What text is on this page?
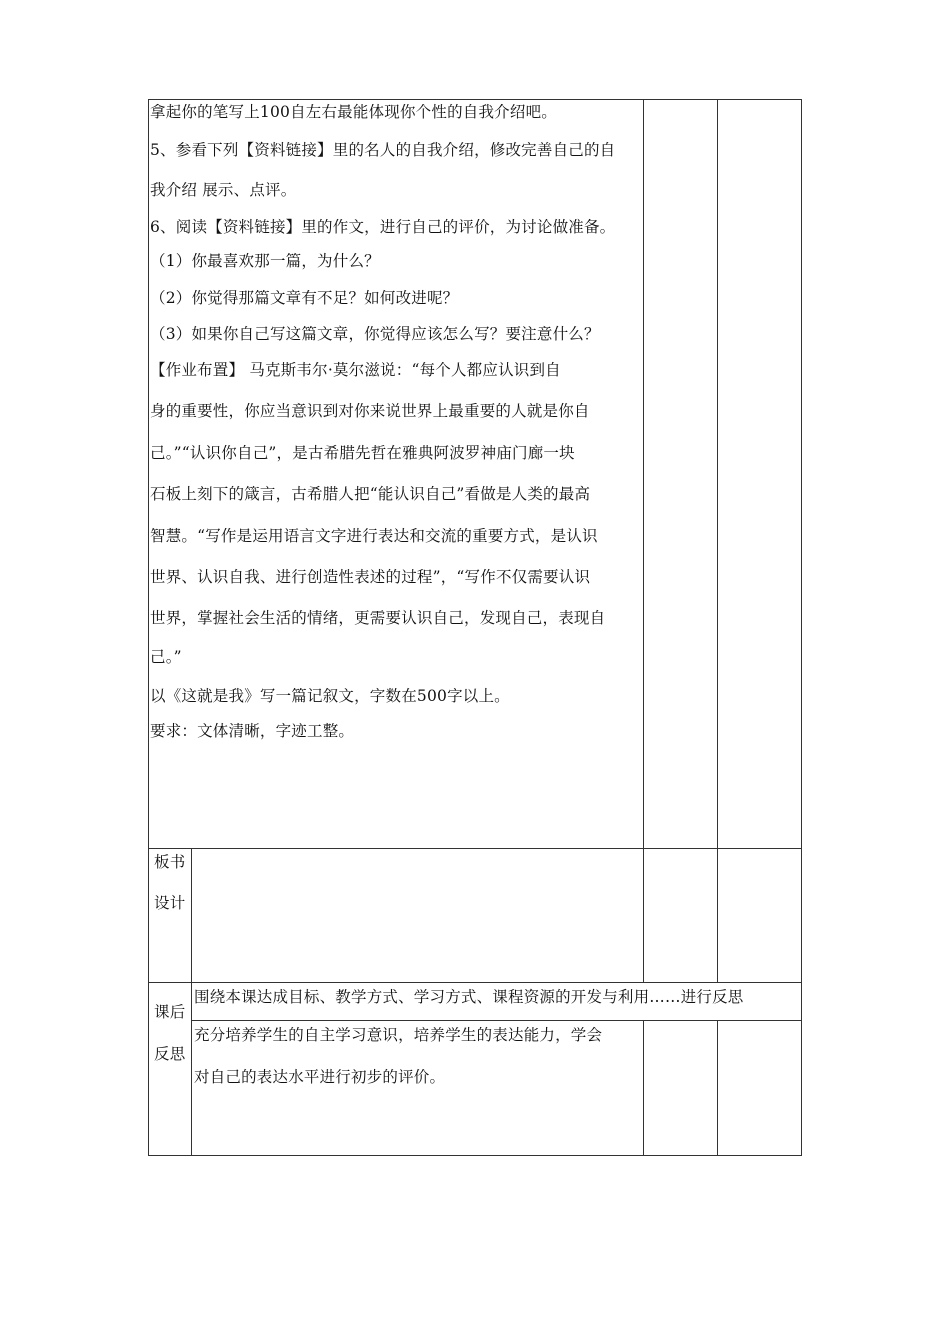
拿起你的笔写上100自左右最能体现你个性的自我介绍吧。
5、参看下列【资料链接】里的名人的自我介绍，修改完善自己的自
我介绍 展示、点评。
6、阅读【资料链接】里的作文，进行自己的评价，为讨论做准备。
（1）你最喜欢那一篇，为什么？
（2）你觉得那篇文章有不足？如何改进呢？
（3）如果你自己写这篇文章，你觉得应该怎么写？要注意什么？
【作业布置】 马克斯韦尔·莫尔滋说：“每个人都应认识到自
身的重要性，你应当意识到对你来说世界上最重要的人就是你自
己。”“认识你自己”，是古希腊先哲在雅典阿波罗神庙门廊一块
石板上刻下的箴言，古希腊人把“能认识自己”看做是人类的最高
智慧。“写作是运用语言文字进行表达和交流的重要方式，是认识
世界、认识自我、进行创造性表述的过程”，“写作不仅需要认识
世界，掌握社会生活的情绪，更需要认识自己，发现自己，表现自
己。”
以《这就是我》写一篇记叙文，字数在500字以上。
要求：文体清晰，字迹工整。
板书
设计
课后
反思
围绕本课达成目标、教学方式、学习方式、课程资源的开发与利用……进行反思
充分培养学生的自主学习意识，培养学生的表达能力，学会
对自己的表达水平进行初步的评价。
